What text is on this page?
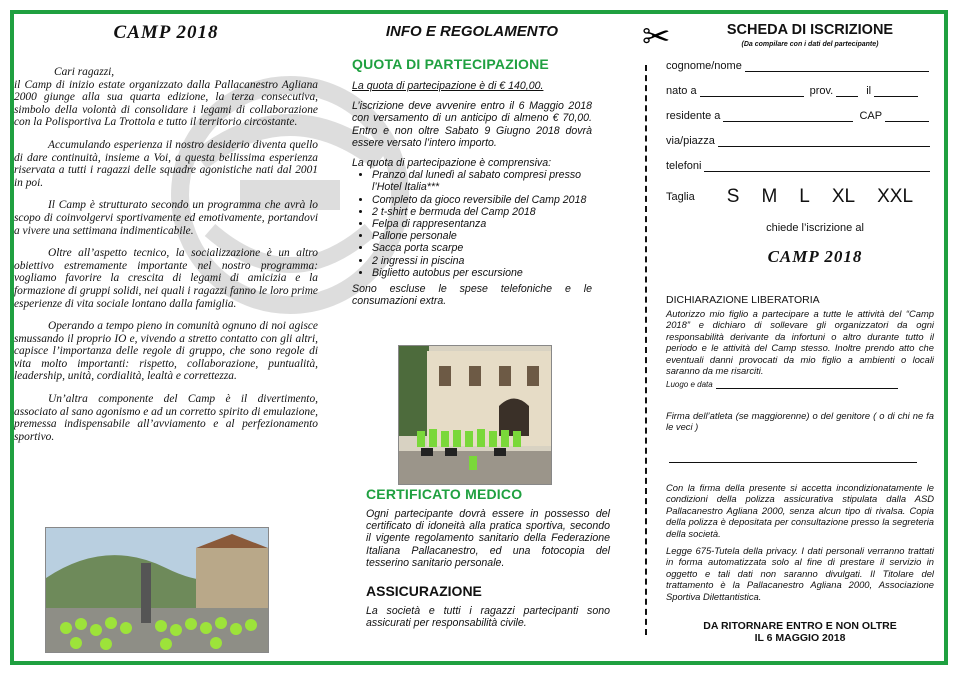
CAMP 2018

Cari ragazzi,

il Camp di inizio estate organizzato dalla Pallacanestro Agliana 2000 giunge alla sua quarta edizione, la terza consecutiva, simbolo della volontà di consolidare i legami di collaborazione con la Polisportiva La Trottola e tutto il territorio circostante.

Accumulando esperienza il nostro desiderio diventa quello di dare continuità, insieme a Voi, a questa bellissima esperienza riservata a tutti i ragazzi delle squadre agonistiche nati dal 2001 in poi.

Il Camp è strutturato secondo un programma che avrà lo scopo di coinvolgervi sportivamente ed emotivamente, portandovi a vivere una settimana indimenticabile.

Oltre all’aspetto tecnico, la socializzazione è un altro obiettivo estremamente importante nel nostro programma: vogliamo favorire la crescita di legami di amicizia e la formazione di gruppi solidi, nei quali i ragazzi fanno le loro prime esperienze di vita sociale lontano dalla famiglia.

Operando a tempo pieno in comunità ognuno di noi agisce smussando il proprio IO e, vivendo a stretto contatto con gli altri, capisce l’importanza delle regole di gruppo, che sono regole di vita molto importanti: rispetto, collaborazione, puntualità, leadership, unità, cordialità, lealtà e correttezza.

Un’altra componente del Camp è il divertimento, associato al sano agonismo e ad un corretto spirito di emulazione, premessa indispensabile all’avviamento e al perfezionamento sportivo.

INFO E REGOLAMENTO
QUOTA DI PARTECIPAZIONE

La quota di partecipazione è di € 140,00.

L’iscrizione deve avvenire entro il 6 Maggio 2018 con versamento di un anticipo di almeno € 70,00. Entro e non oltre Sabato 9 Giugno 2018 dovrà essere versato l’intero importo.

La quota di partecipazione è comprensiva:

• Pranzo dal lunedì al sabato compresi presso l’Hotel Italia***
• Completo da gioco reversibile del Camp 2018
• 2 t-shirt e bermuda del Camp 2018
• Felpa di rappresentanza
• Pallone personale
• Sacca porta scarpe
• 2 ingressi in piscina
• Biglietto autobus per escursione

Sono escluse le spese telefoniche e le consumazioni extra.

CERTIFICATO MEDICO

Ogni partecipante dovrà essere in possesso del certificato di idoneità alla pratica sportiva, secondo il vigente regolamento sanitario della Federazione Italiana Pallacanestro, ed una fotocopia del tesserino sanitario personale.

ASSICURAZIONE

La società e tutti i ragazzi partecipanti sono assicurati per responsabilità civile.

✂	SCHEDA DI ISCRIZIONE
(Da compilare con i dati del partecipante)
cognome/nome
nato a	prov.	il
residente a	CAP
via/piazza
telefoni
Taglia S M L XL XXL
chiede l’iscrizione al
CAMP 2018
DICHIARAZIONE LIBERATORIA
Autorizzo mio figlio a partecipare a tutte le attività del “Camp 2018” e dichiaro di sollevare gli organizzatori da ogni responsabilità derivante da infortuni o altro durante tutto il periodo e le attività del Camp stesso. Inoltre prendo atto che eventuali danni provocati da mio figlio a ambienti o locali saranno da me risarciti.
Luogo e data
Firma dell’atleta (se maggiorenne) o del genitore ( o di chi ne fa le veci )
Con la firma della presente si accetta incondizionatamente le condizioni della polizza assicurativa stipulata dalla ASD Pallacanestro Agliana 2000, senza alcun tipo di rivalsa. Copia della polizza è depositata per consultazione presso la segreteria della società.
Legge 675-Tutela della privacy. I dati personali verranno trattati in forma automatizzata solo al fine di prestare il servizio in oggetto e tali dati non saranno divulgati. Il Titolare del trattamento è la Pallacanestro Agliana 2000, Associazione Sportiva Dilettantistica.
DA RITORNARE ENTRO E NON OLTRE
IL 6 MAGGIO 2018
